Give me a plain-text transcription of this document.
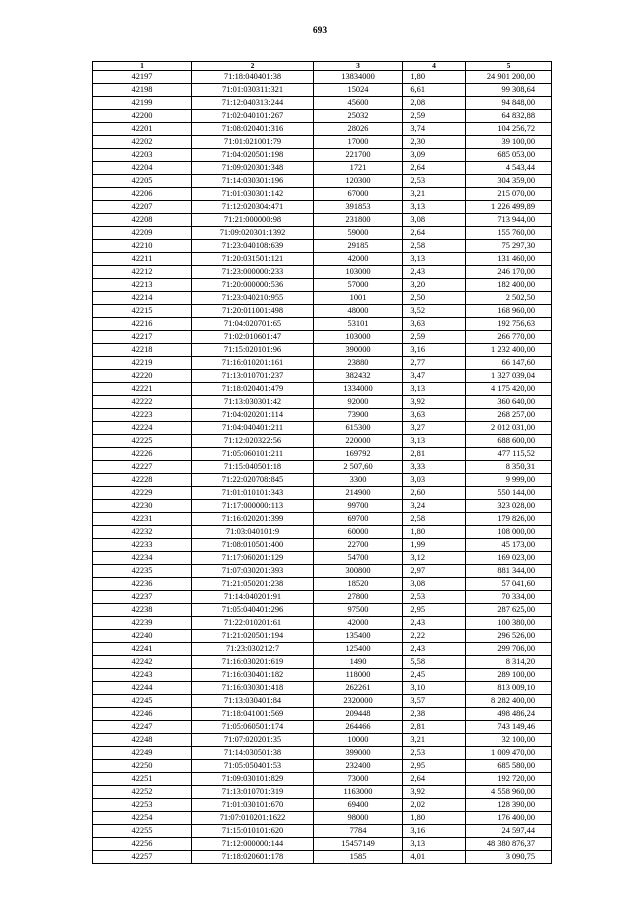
693
1	2	3	4	5
42197	71:18:040401:38	13834000	1,80	24 901 200,00
42198	71:01:030311:321	15024	6,61	99 308,64
42199	71:12:040313:244	45600	2,08	94 848,00
42200	71:02:040101:267	25032	2,59	64 832,88
42201	71:08:020401:316	28026	3,74	104 256,72
42202	71:01:021001:79	17000	2,30	39 100,00
42203	71:04:020501:198	221700	3,09	685 053,00
42204	71:09:020301:348	1721	2,64	4 543,44
42205	71:14:030301:196	120300	2,53	304 359,00
42206	71:01:030301:142	67000	3,21	215 070,00
42207	71:12:020304:471	391853	3,13	1 226 499,89
42208	71:21:000000:98	231800	3,08	713 944,00
42209	71:09:020301:1392	59000	2,64	155 760,00
42210	71:23:040108:639	29185	2,58	75 297,30
42211	71:20:031501:121	42000	3,13	131 460,00
42212	71:23:000000:233	103000	2,43	246 170,00
42213	71:20:000000:536	57000	3,20	182 400,00
42214	71:23:040210:955	1001	2,50	2 502,50
42215	71:20:011001:498	48000	3,52	168 960,00
42216	71:04:020701:65	53101	3,63	192 756,63
42217	71:02:010601:47	103000	2,59	266 770,00
42218	71:15:020101:96	390000	3,16	1 232 400,00
42219	71:16:010201:161	23880	2,77	66 147,60
42220	71:13:010701:237	382432	3,47	1 327 039,04
42221	71:18:020401:479	1334000	3,13	4 175 420,00
42222	71:13:030301:42	92000	3,92	360 640,00
42223	71:04:020201:114	73900	3,63	268 257,00
42224	71:04:040401:211	615300	3,27	2 012 031,00
42225	71:12:020322:56	220000	3,13	688 600,00
42226	71:05:060101:211	169792	2,81	477 115,52
42227	71:15:040501:18	2 507,60	3,33	8 350,31
42228	71:22:020708:845	3300	3,03	9 999,00
42229	71:01:010101:343	214900	2,60	550 144,00
42230	71:17:000000:113	99700	3,24	323 028,00
42231	71:16:020201:399	69700	2,58	179 826,00
42232	71:03:040101:9	60000	1,80	108 000,00
42233	71:08:010501:400	22700	1,99	45 173,00
42234	71:17:060201:129	54700	3,12	169 023,00
42235	71:07:030201:393	300800	2,97	881 344,00
42236	71:21:050201:238	18520	3,08	57 041,60
42237	71:14:040201:91	27800	2,53	70 334,00
42238	71:05:040401:296	97500	2,95	287 625,00
42239	71:22:010201:61	42000	2,43	100 380,00
42240	71:21:020501:194	135400	2,22	296 526,00
42241	71:23:030212:7	125400	2,43	299 706,00
42242	71:16:030201:619	1490	5,58	8 314,20
42243	71:16:030401:182	118000	2,45	289 100,00
42244	71:16:030301:418	262261	3,10	813 009,10
42245	71:13:030401:84	2320000	3,57	8 282 400,00
42246	71:18:041001:569	209448	2,38	498 486,24
42247	71:05:060501:174	264466	2,81	743 149,46
42248	71:07:020201:35	10000	3,21	32 100,00
42249	71:14:030501:38	399000	2,53	1 009 470,00
42250	71:05:050401:53	232400	2,95	685 580,00
42251	71:09:030101:829	73000	2,64	192 720,00
42252	71:13:010701:319	1163000	3,92	4 558 960,00
42253	71:01:030101:670	69400	2,02	128 390,00
42254	71:07:010201:1622	98000	1,80	176 400,00
42255	71:15:010101:620	7784	3,16	24 597,44
42256	71:12:000000:144	15457149	3,13	48 380 876,37
42257	71:18:020601:178	1585	4,01	3 090,75
